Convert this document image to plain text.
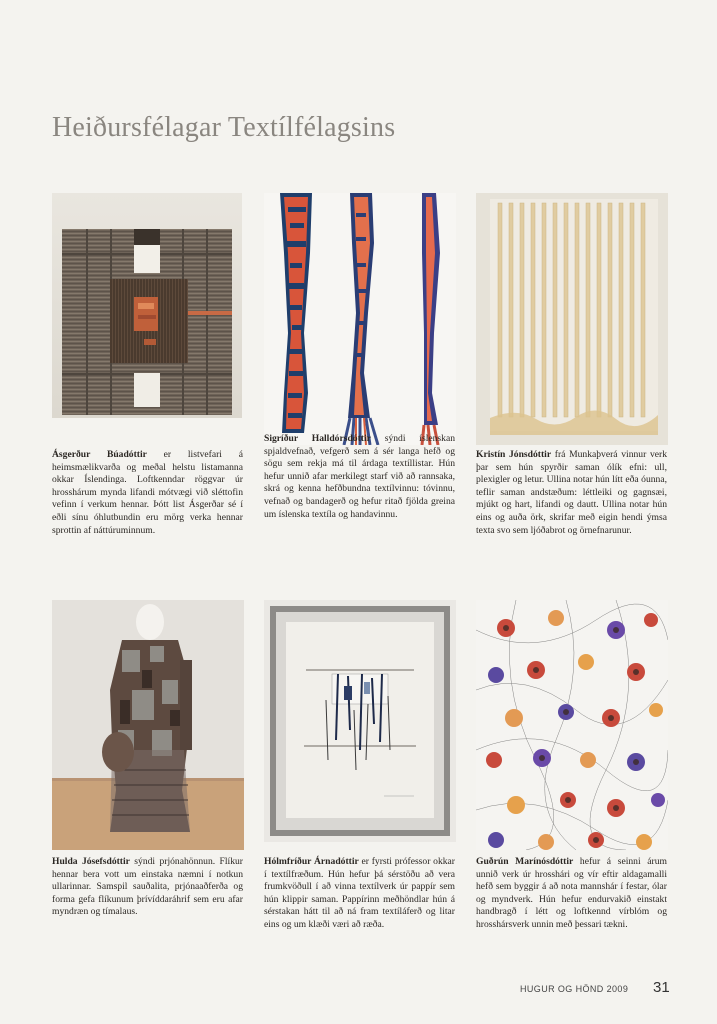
Heiðursfélagar Textílfélagsins
Ásgerður Búadóttir er listvefari á heimsmælikvarða og meðal helstu listamanna okkar Íslendinga. Loftkenndar röggvar úr hrosshárum mynda lifandi mótvægi við sléttofin vefinn í verkum hennar. Þótt list Ásgerðar sé í eðli sínu óhlutbundin eru mörg verka hennar sprottin af náttúruminnum.
Sigríður Halldórsdóttir sýndi íslenskan spjaldvefnað, vefgerð sem á sér langa hefð og sögu sem rekja má til árdaga textíllistar. Hún hefur unnið afar merkilegt starf við að rannsaka, skrá og kenna hefðbundna textílvinnu: tóvinnu, vefnað og bandagerð og hefur ritað fjölda greina um íslenska textíla og handavinnu.
Kristín Jónsdóttir frá Munkaþverá vinnur verk þar sem hún spyrðir saman ólík efni: ull, plexigler og letur. Ullina notar hún lítt eða óunna, teflir saman andstæðum: léttleiki og gagnsæi, mjúkt og hart, lifandi og dautt. Ullina notar hún eins og auða örk, skrifar með eigin hendi ýmsa texta svo sem ljóðabrot og örnefnarunur.
Hulda Jósefsdóttir sýndi prjónahönnun. Flíkur hennar bera vott um einstaka næmni í notkun ullarinnar. Samspil sauðalita, prjónaaðferða og forma gefa flíkunum þrívíddaráhrif sem eru afar myndræn og tímalaus.
Hólmfríður Árnadóttir er fyrsti prófessor okkar í textílfræðum. Hún hefur þá sérstöðu að vera frumkvöðull í að vinna textílverk úr pappír sem hún klippir saman. Pappírinn meðhöndlar hún á sérstakan hátt til að ná fram textíláferð og litar eins og um klæði væri að ræða.
Guðrún Marínósdóttir hefur á seinni árum unnið verk úr hrosshári og vír eftir aldagamalli hefð sem byggir á að nota mannshár í festar, ólar og myndverk. Hún hefur endurvakið einstakt handbragð í létt og loftkennd vírblóm og hrosshársverk unnin með þessari tækni.
HUGUR OG HÖND 2009 31
